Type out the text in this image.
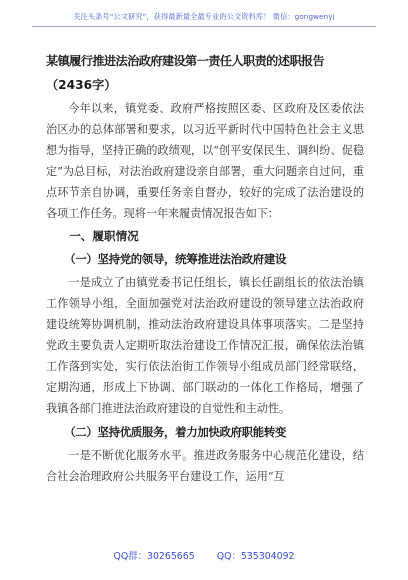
关注头条号“公文研究”，获得最新最全最专业的公文资料库！ 微信：gongwenyj
某镇履行推进法治政府建设第一责任人职责的述职报告
（2436字）

今年以来，镇党委、政府严格按照区委、区政府及区委依法治区办的总体部署和要求，以习近平新时代中国特色社会主义思想为指导，坚持正确的政绩观，以“创平安保民生、调纠纷、促稳定”为总目标，对法治政府建设亲自部署，重大问题亲自过问，重点环节亲自协调，重要任务亲自督办，较好的完成了法治建设的各项工作任务。现将一年来履责情况报告如下：

一、履职情况
（一）坚持党的领导，统筹推进法治政府建设

一是成立了由镇党委书记任组长，镇长任副组长的依法治镇工作领导小组，全面加强党对法治政府建设的领导建立法治政府建设统筹协调机制，推动法治政府建设具体事项落实。二是坚持党政主要负责人定期听取法治建设工作情况汇报，确保依法治镇工作落到实处，实行依法治街工作领导小组成员部门经常联络，定期沟通，形成上下协调、部门联动的一体化工作格局，增强了我镇各部门推进法治政府建设的自觉性和主动性。

（二）坚持优质服务，着力加快政府职能转变

一是不断优化服务水平。推进政务服务中心规范化建设，结合社会治理政府公共服务平台建设工作，运用“互

QQ群：30265665 QQ：535304092
